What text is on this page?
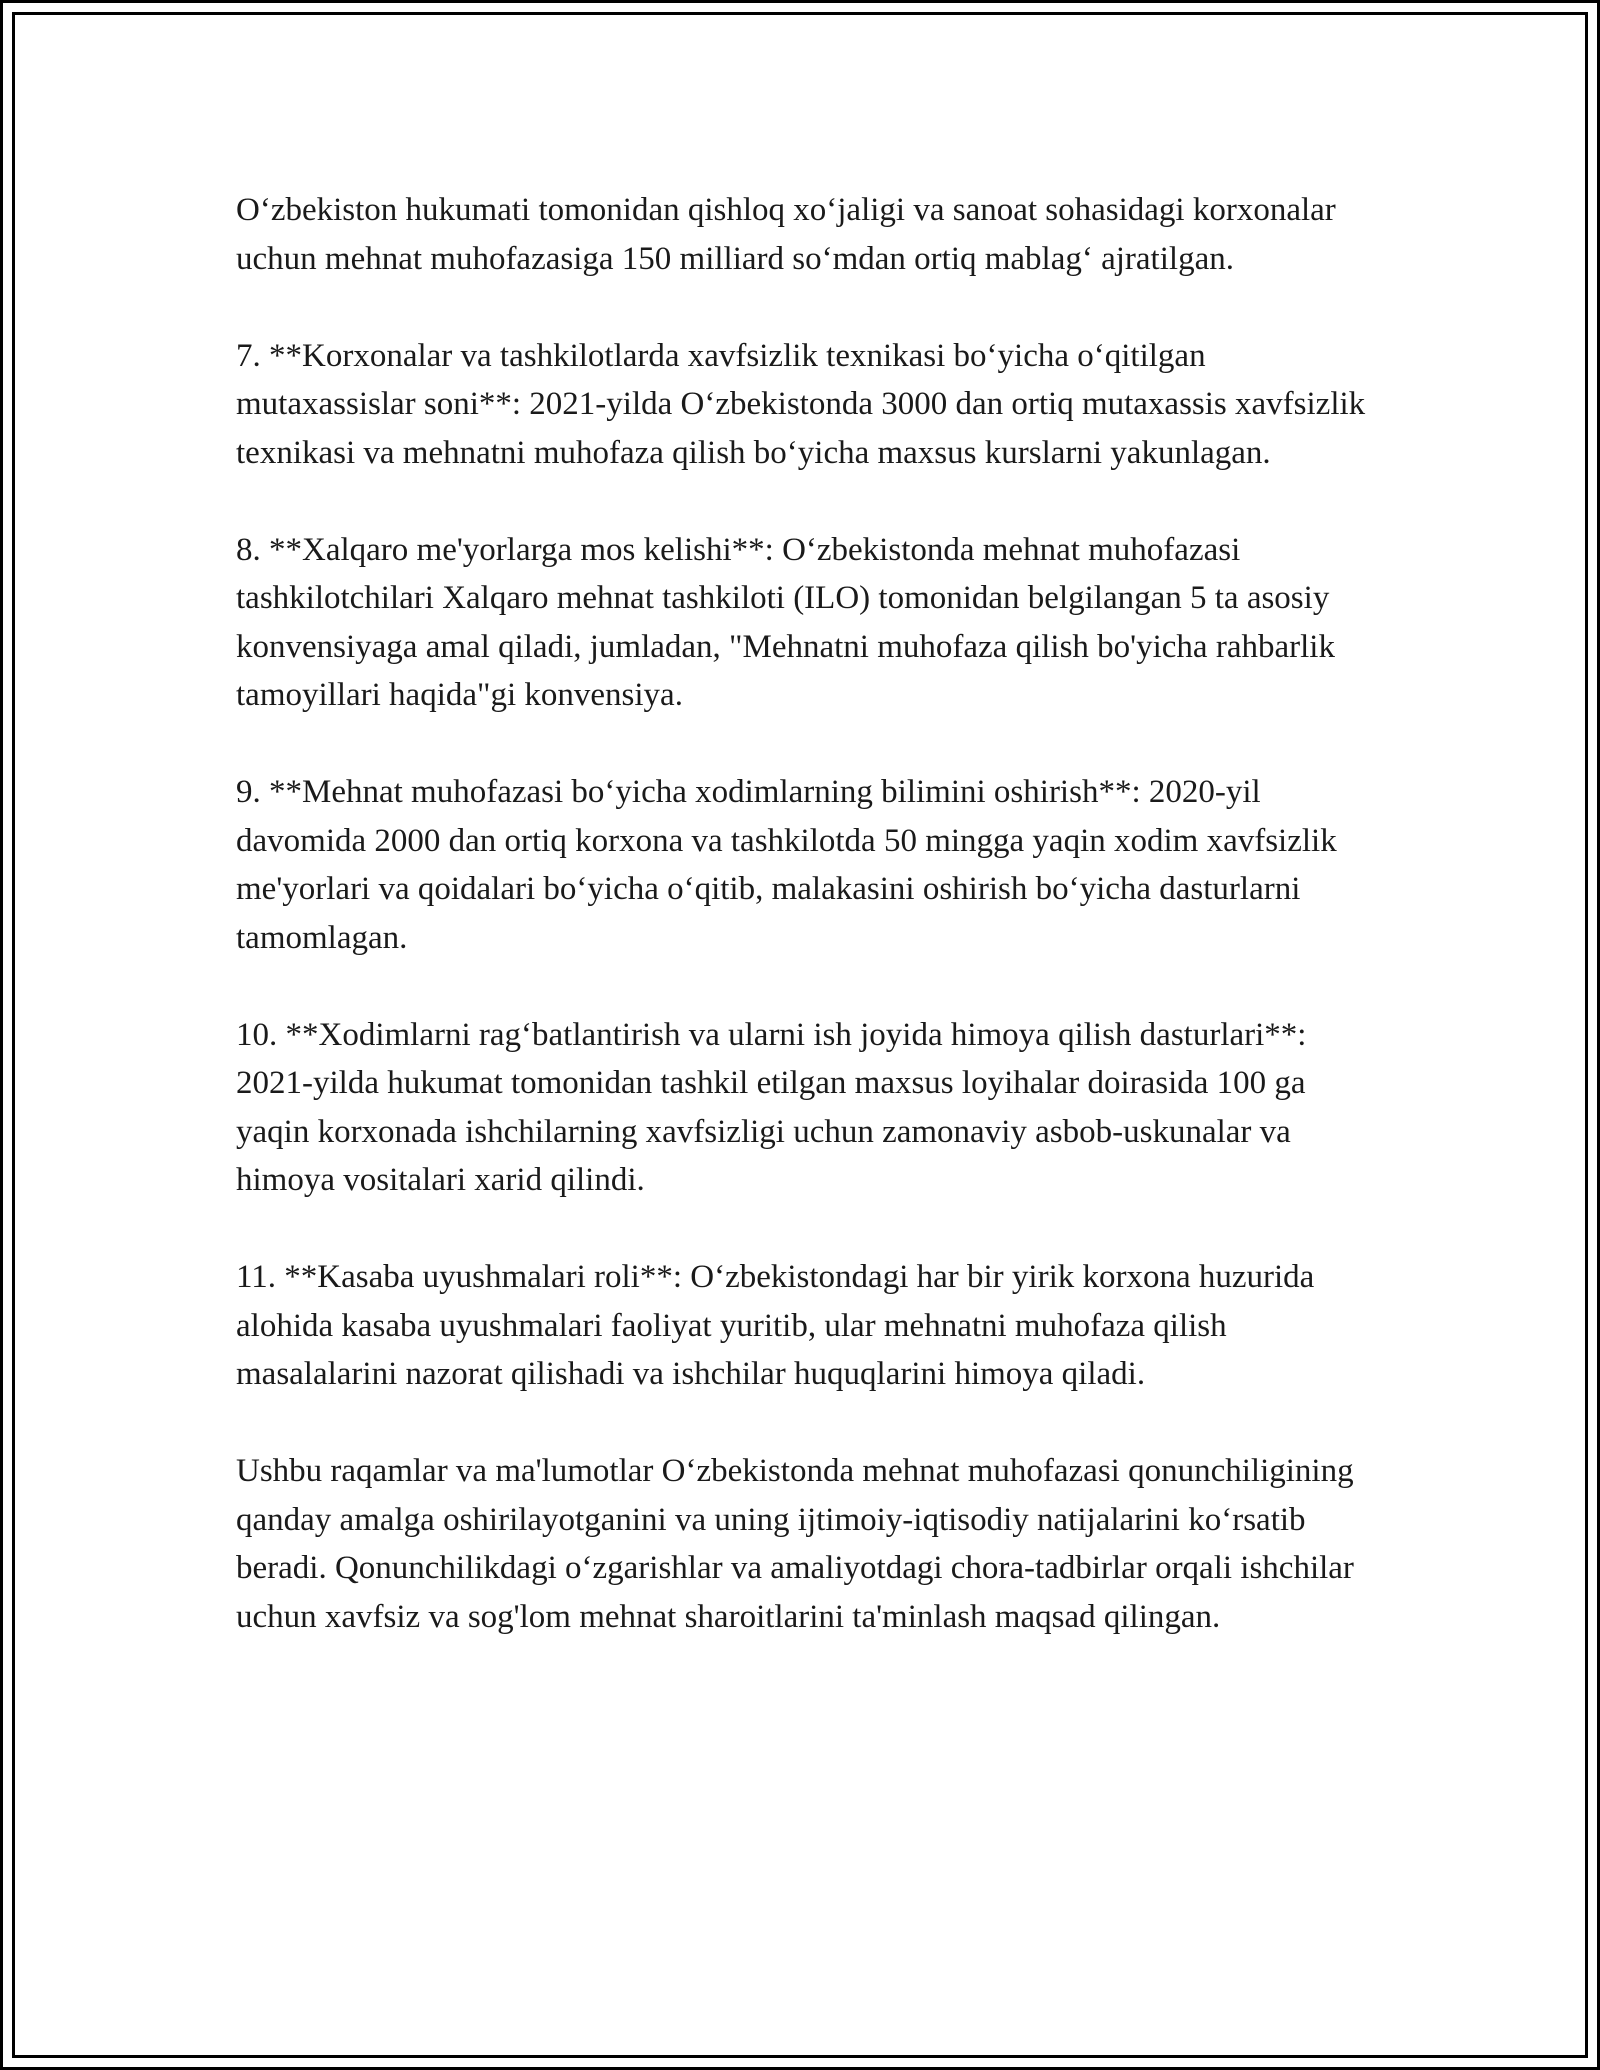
O‘zbekiston hukumati tomonidan qishloq xo‘jaligi va sanoat sohasidagi korxonalar uchun mehnat muhofazasiga 150 milliard so‘mdan ortiq mablag‘ ajratilgan.

7. **Korxonalar va tashkilotlarda xavfsizlik texnikasi bo‘yicha o‘qitilgan mutaxassislar soni**: 2021-yilda O‘zbekistonda 3000 dan ortiq mutaxassis xavfsizlik texnikasi va mehnatni muhofaza qilish bo‘yicha maxsus kurslarni yakunlagan.

8. **Xalqaro me'yorlarga mos kelishi**: O‘zbekistonda mehnat muhofazasi tashkilotchilari Xalqaro mehnat tashkiloti (ILO) tomonidan belgilangan 5 ta asosiy konvensiyaga amal qiladi, jumladan, "Mehnatni muhofaza qilish bo'yicha rahbarlik tamoyillari haqida"gi konvensiya.

9. **Mehnat muhofazasi bo‘yicha xodimlarning bilimini oshirish**: 2020-yil davomida 2000 dan ortiq korxona va tashkilotda 50 mingga yaqin xodim xavfsizlik me'yorlari va qoidalari bo‘yicha o‘qitib, malakasini oshirish bo‘yicha dasturlarni tamomlagan.

10. **Xodimlarni rag‘batlantirish va ularni ish joyida himoya qilish dasturlari**: 2021-yilda hukumat tomonidan tashkil etilgan maxsus loyihalar doirasida 100 ga yaqin korxonada ishchilarning xavfsizligi uchun zamonaviy asbob-uskunalar va himoya vositalari xarid qilindi.

11. **Kasaba uyushmalari roli**: O‘zbekistondagi har bir yirik korxona huzurida alohida kasaba uyushmalari faoliyat yuritib, ular mehnatni muhofaza qilish masalalarini nazorat qilishadi va ishchilar huquqlarini himoya qiladi.

Ushbu raqamlar va ma'lumotlar O‘zbekistonda mehnat muhofazasi qonunchiligining qanday amalga oshirilayotganini va uning ijtimoiy-iqtisodiy natijalarini ko‘rsatib beradi. Qonunchilikdagi o‘zgarishlar va amaliyotdagi chora-tadbirlar orqali ishchilar uchun xavfsiz va sog'lom mehnat sharoitlarini ta'minlash maqsad qilingan.
